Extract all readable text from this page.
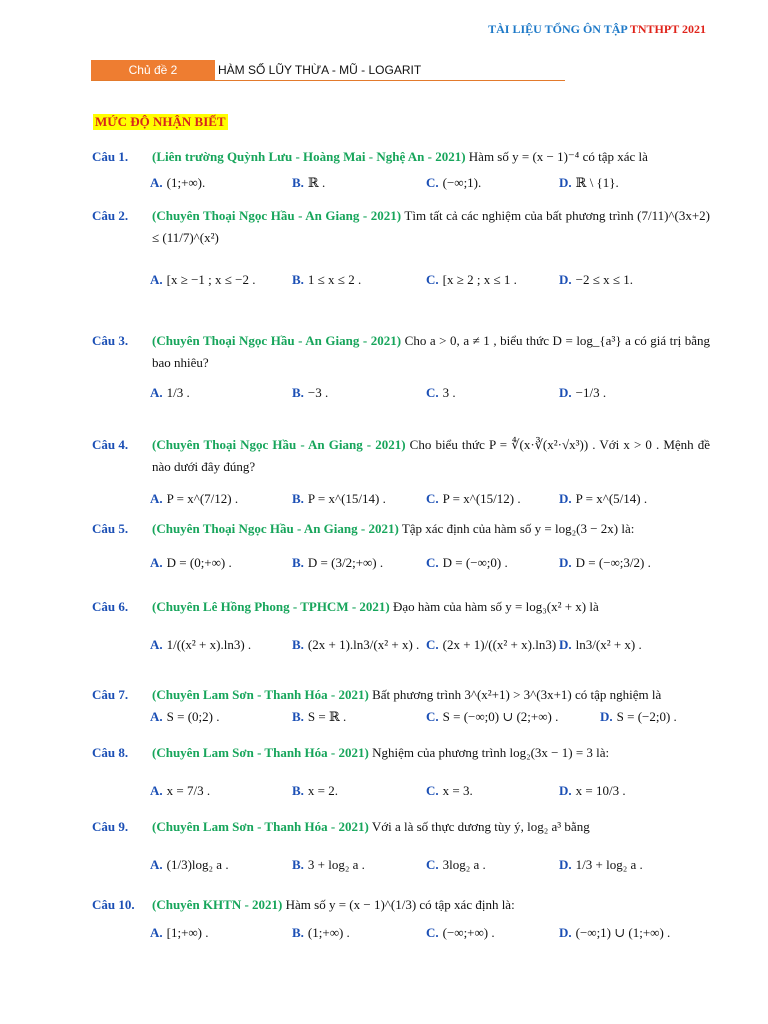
TÀI LIỆU TỔNG ÔN TẬP TNTHPT 2021
Chủ đề 2	HÀM SỐ LŨY THỪA - MŨ - LOGARIT
MỨC ĐỘ NHẬN BIẾT
Câu 1. (Liên trường Quỳnh Lưu - Hoàng Mai - Nghệ An - 2021) Hàm số y = (x − 1)⁻⁴ có tập xác là
A. (1;+∞).	B. ℝ .	C. (−∞;1).	D. ℝ \ {1}.
Câu 2. (Chuyên Thoại Ngọc Hầu - An Giang - 2021) Tìm tất cả các nghiệm của bất phương trình (7/11)^(3x+2) ≤ (11/7)^(x²)
A. [x ≥ −1 ; x ≤ −2 .	B. 1 ≤ x ≤ 2 .	C. [x ≥ 2 ; x ≤ 1 .	D. −2 ≤ x ≤ 1.
Câu 3. (Chuyên Thoại Ngọc Hầu - An Giang - 2021) Cho a > 0, a ≠ 1 , biểu thức D = log_{a³} a có giá trị bằng bao nhiêu?
A. 1/3 .	B. −3 .	C. 3 .	D. −1/3 .
Câu 4. (Chuyên Thoại Ngọc Hầu - An Giang - 2021) Cho biểu thức P = ∜(x·∛(x²·√x³)) . Với x > 0 . Mệnh đề nào dưới đây đúng?
A. P = x^(7/12) .	B. P = x^(15/14) .	C. P = x^(15/12) .	D. P = x^(5/14) .
Câu 5. (Chuyên Thoại Ngọc Hầu - An Giang - 2021) Tập xác định của hàm số y = log₂(3 − 2x) là:
A. D = (0;+∞) .	B. D = (3/2;+∞) .	C. D = (−∞;0) .	D. D = (−∞;3/2) .
Câu 6. (Chuyên Lê Hồng Phong - TPHCM - 2021) Đạo hàm của hàm số y = log₃(x² + x) là
A. 1/((x² + x).ln3) .	B. (2x + 1).ln3/(x² + x) . C. (2x + 1)/((x² + x).ln3) .
D. ln3/(x² + x) .
Câu 7. (Chuyên Lam Sơn - Thanh Hóa - 2021) Bất phương trình 3^(x²+1) > 3^(3x+1) có tập nghiệm là
A. S = (0;2) .	B. S = ℝ .	C. S = (−∞;0) ∪ (2;+∞) .	D. S = (−2;0) .
Câu 8. (Chuyên Lam Sơn - Thanh Hóa - 2021) Nghiệm của phương trình log₂(3x − 1) = 3 là:
A. x = 7/3 .	B. x = 2.	C. x = 3.	D. x = 10/3 .
Câu 9. (Chuyên Lam Sơn - Thanh Hóa - 2021) Với a là số thực dương tùy ý, log₂ a³ bằng
A. (1/3)log₂ a .	B. 3 + log₂ a .	C. 3log₂ a .	D. 1/3 + log₂ a .
Câu 10. (Chuyên KHTN - 2021) Hàm số y = (x − 1)^(1/3) có tập xác định là:
A. [1;+∞) .	B. (1;+∞) .	C. (−∞;+∞) .	D. (−∞;1) ∪ (1;+∞) .
